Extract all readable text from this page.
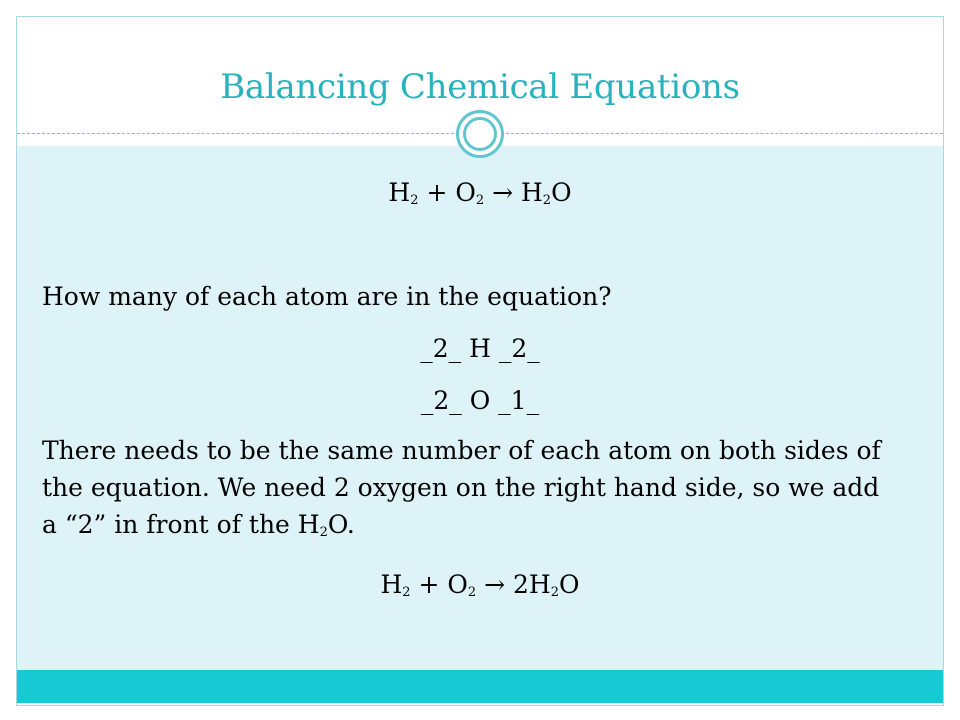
Balancing Chemical Equations
$H_2 + O_2 \to H_2O$
How many of each atom are in the equation?
_2_ H _2_
_2_ O _1_
There needs to be the same number of each atom on both sides of the equation. We need 2 oxygen on the right hand side, so we add a “2” in front of the $H_2O$.
$H_2 + O_2 \to 2H_2O$
